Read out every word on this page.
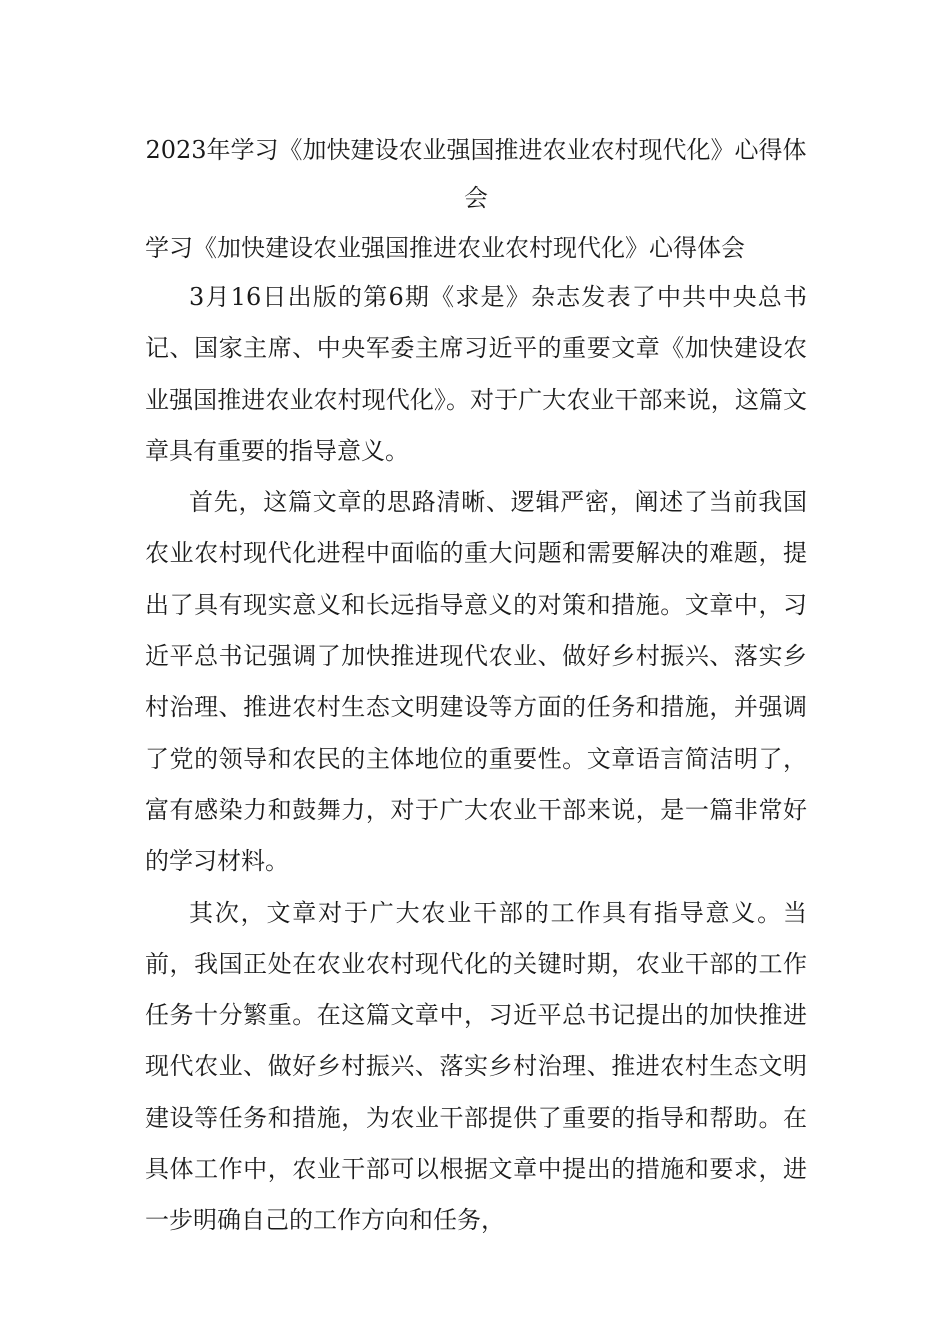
2023年学习《加快建设农业强国推进农业农村现代化》心得体会
学习《加快建设农业强国推进农业农村现代化》心得体会

3月16日出版的第6期《求是》杂志发表了中共中央总书记、国家主席、中央军委主席习近平的重要文章《加快建设农业强国推进农业农村现代化》。对于广大农业干部来说，这篇文章具有重要的指导意义。

首先，这篇文章的思路清晰、逻辑严密，阐述了当前我国农业农村现代化进程中面临的重大问题和需要解决的难题，提出了具有现实意义和长远指导意义的对策和措施。文章中，习近平总书记强调了加快推进现代农业、做好乡村振兴、落实乡村治理、推进农村生态文明建设等方面的任务和措施，并强调了党的领导和农民的主体地位的重要性。文章语言简洁明了，富有感染力和鼓舞力，对于广大农业干部来说，是一篇非常好的学习材料。

其次，文章对于广大农业干部的工作具有指导意义。当前，我国正处在农业农村现代化的关键时期，农业干部的工作任务十分繁重。在这篇文章中，习近平总书记提出的加快推进现代农业、做好乡村振兴、落实乡村治理、推进农村生态文明建设等任务和措施，为农业干部提供了重要的指导和帮助。在具体工作中，农业干部可以根据文章中提出的措施和要求，进一步明确自己的工作方向和任务，
